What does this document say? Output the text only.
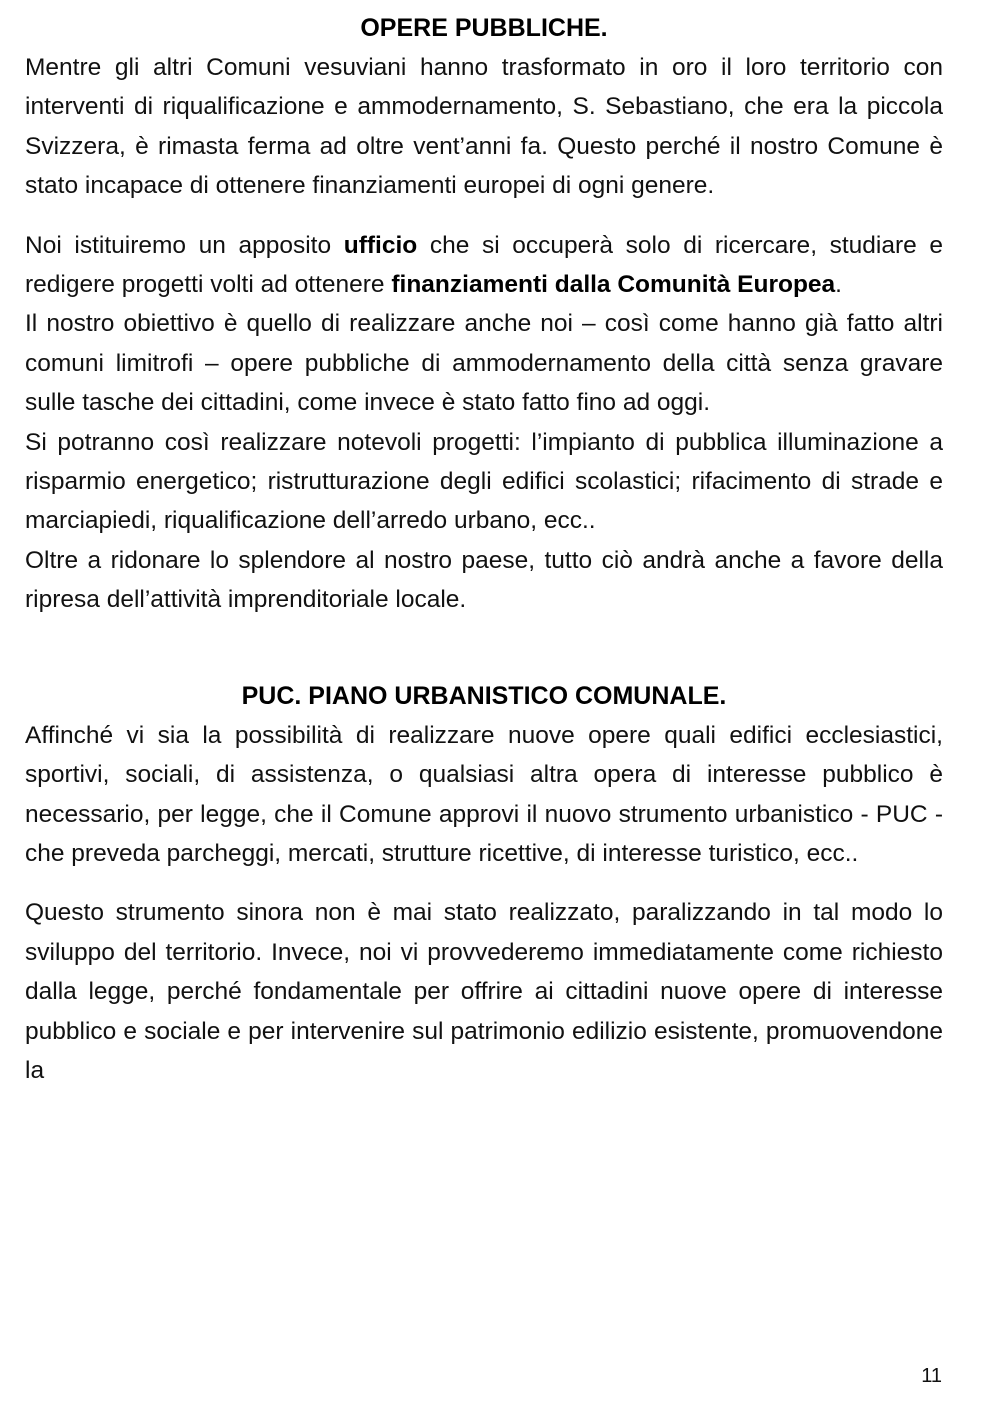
OPERE PUBBLICHE.

Mentre gli altri Comuni vesuviani hanno trasformato in oro il loro territorio con interventi di riqualificazione e ammodernamento, S. Sebastiano, che era la piccola Svizzera, è rimasta ferma ad oltre vent’anni fa. Questo perché il nostro Comune è stato incapace di ottenere finanziamenti europei di ogni genere.

Noi istituiremo un apposito ufficio che si occuperà solo di ricercare, studiare e redigere progetti volti ad ottenere finanziamenti dalla Comunità Europea.

Il nostro obiettivo è quello di realizzare anche noi – così come hanno già fatto altri comuni limitrofi – opere pubbliche di ammodernamento della città senza gravare sulle tasche dei cittadini, come invece è stato fatto fino ad oggi.

Si potranno così realizzare notevoli progetti: l’impianto di pubblica illuminazione a risparmio energetico; ristrutturazione degli edifici scolastici; rifacimento di strade e marciapiedi, riqualificazione dell’arredo urbano, ecc..

Oltre a ridonare lo splendore al nostro paese, tutto ciò andrà anche a favore della ripresa dell’attività imprenditoriale locale.

PUC. PIANO URBANISTICO COMUNALE.

Affinché vi sia la possibilità di realizzare nuove opere quali edifici ecclesiastici, sportivi, sociali, di assistenza, o qualsiasi altra opera di interesse pubblico è necessario, per legge, che il Comune approvi il nuovo strumento urbanistico - PUC - che preveda parcheggi, mercati, strutture ricettive, di interesse turistico, ecc..

Questo strumento sinora non è mai stato realizzato, paralizzando in tal modo lo sviluppo del territorio. Invece, noi vi provvederemo immediatamente come richiesto dalla legge, perché fondamentale per offrire ai cittadini nuove opere di interesse pubblico e sociale e per intervenire sul patrimonio edilizio esistente, promuovendone la

11
